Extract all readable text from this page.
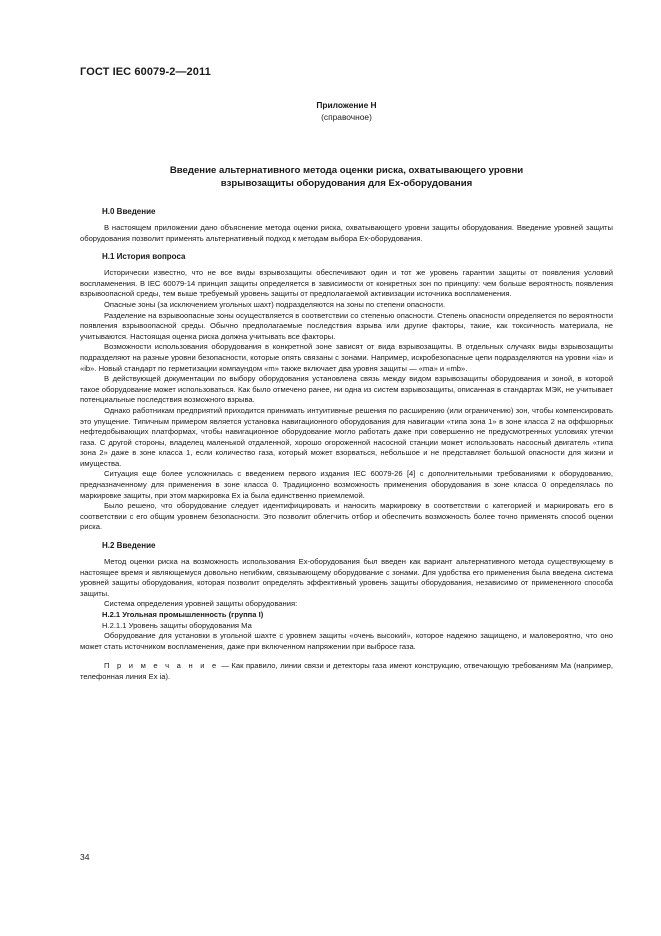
ГОСТ IEC 60079-2—2011
Приложение Н
(справочное)
Введение альтернативного метода оценки риска, охватывающего уровни
взрывозащиты оборудования для Ex-оборудования
Н.0 Введение

В настоящем приложении дано объяснение метода оценки риска, охватывающего уровни защиты оборудования. Введение уровней защиты оборудования позволит применять альтернативный подход к методам выбора Ex-оборудования.

Н.1 История вопроса

Исторически известно, что не все виды взрывозащиты обеспечивают один и тот же уровень гарантии защиты от появления условий воспламенения. В IEC 60079-14 принцип защиты определяется в зависимости от конкретных зон по принципу: чем больше вероятность появления взрывоопасной среды, тем выше требуемый уровень защиты от предполагаемой активизации источника воспламенения.

Опасные зоны (за исключением угольных шахт) подразделяются на зоны по степени опасности.

Разделение на взрывоопасные зоны осуществляется в соответствии со степенью опасности. Степень опасности определяется по вероятности появления взрывоопасной среды. Обычно предполагаемые последствия взрыва или другие факторы, такие, как токсичность материала, не учитываются. Настоящая оценка риска должна учитывать все факторы.

Возможности использования оборудования в конкретной зоне зависят от вида взрывозащиты. В отдельных случаях виды взрывозащиты подразделяют на разные уровни безопасности, которые опять связаны с зонами. Например, искробезопасные цепи подразделяются на уровни «ia» и «ib». Новый стандарт по герметизации компаундом «m» также включает два уровня защиты — «ma» и «mb».

В действующей документации по выбору оборудования установлена связь между видом взрывозащиты оборудования и зоной, в которой такое оборудование может использоваться. Как было отмечено ранее, ни одна из систем взрывозащиты, описанная в стандартах МЭК, не учитывает потенциальные последствия возможного взрыва.

Однако работникам предприятий приходится принимать интуитивные решения по расширению (или ограничению) зон, чтобы компенсировать это упущение. Типичным примером является установка навигационного оборудования для навигации «типа зона 1» в зоне класса 2 на оффшорных нефтедобывающих платформах, чтобы навигационное оборудование могло работать даже при совершенно не предусмотренных условиях утечки газа. С другой стороны, владелец маленькой отдаленной, хорошо огороженной насосной станции может использовать насосный двигатель «типа зона 2» даже в зоне класса 1, если количество газа, который может взорваться, небольшое и не представляет большой опасности для жизни и имущества.

Ситуация еще более усложнилась с введением первого издания IEC 60079-26 [4] с дополнительными требованиями к оборудованию, предназначенному для применения в зоне класса 0. Традиционно возможность применения оборудования в зоне класса 0 определялась по маркировке защиты, при этом маркировка Ex ia была единственно приемлемой.

Было решено, что оборудование следует идентифицировать и наносить маркировку в соответствии с категорией и маркировать его в соответствии с его общим уровнем безопасности. Это позволит облегчить отбор и обеспечить возможность более точно применять способ оценки риска.

Н.2 Введение

Метод оценки риска на возможность использования Ex-оборудования был введен как вариант альтернативного метода существующему в настоящее время и являющемуся довольно негибким, связывающему оборудование с зонами. Для удобства его применения была введена система уровней защиты оборудования, которая позволит определять эффективный уровень защиты оборудования, независимо от примененного способа защиты.

Система определения уровней защиты оборудования:

Н.2.1 Угольная промышленность (группа I)
Н.2.1.1 Уровень защиты оборудования Ма

Оборудование для установки в угольной шахте с уровнем защиты «очень высокий», которое надежно защищено, и маловероятно, что оно может стать источником воспламенения, даже при включенном напряжении при выбросе газа.

П р и м е ч а н и е — Как правило, линии связи и детекторы газа имеют конструкцию, отвечающую требованиям Ма (например, телефонная линия Ex ia).

34
